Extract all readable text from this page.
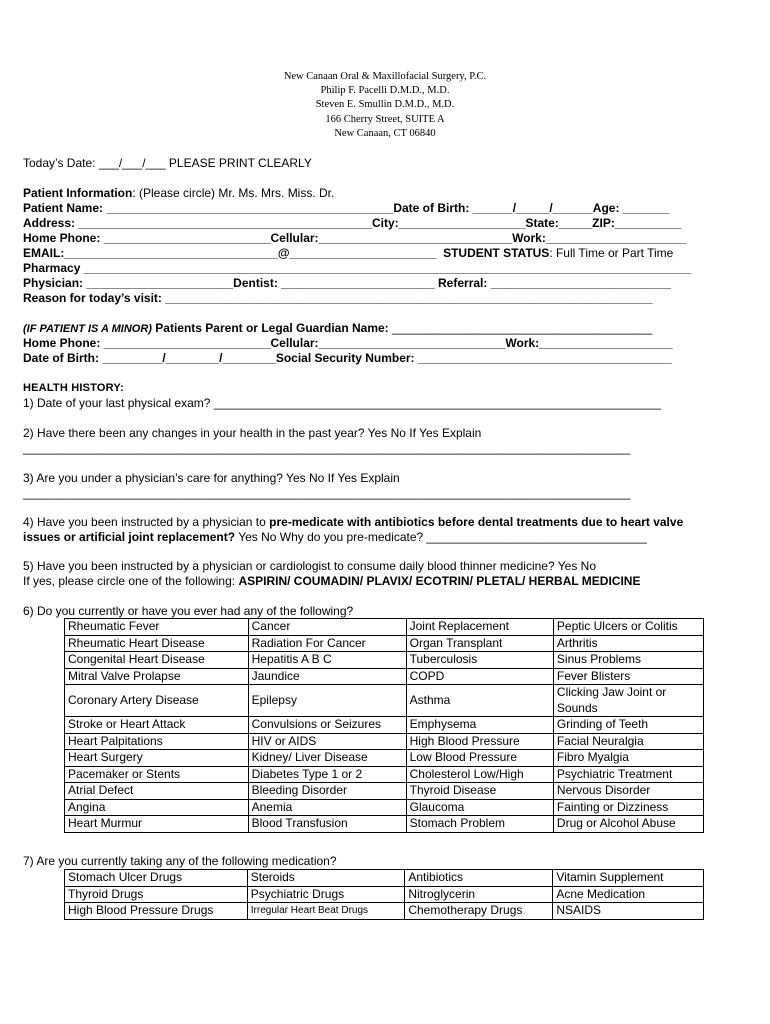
New Canaan Oral & Maxillofacial Surgery, P.C.
Philip F. Pacelli D.M.D., M.D.
Steven E. Smullin D.M.D., M.D.
166 Cherry Street, SUITE A
New Canaan, CT 06840
Today’s Date: ___/___/___ PLEASE PRINT CLEARLY
Patient Information: (Please circle) Mr. Ms. Mrs. Miss. Dr.
Patient Name: ___________________________________________Date of Birth: ______/_____/______Age: _______
Address: ____________________________________________City:___________________State:_____ZIP:__________
Home Phone: _________________________Cellular:_____________________________Work:_____________________
EMAIL:________________________________@______________________ STUDENT STATUS: Full Time or Part Time
Pharmacy ___________________________________________________________________________________________
Physician: ______________________Dentist: _______________________ Referral: ___________________________
Reason for today’s visit: _________________________________________________________________________
(IF PATIENT IS A MINOR) Patients Parent or Legal Guardian Name: _______________________________________
Home Phone: _________________________Cellular:____________________________Work:____________________
Date of Birth: _________/________/________Social Security Number: ______________________________________
HEALTH HISTORY:
1) Date of your last physical exam? ___________________________________________________________________
2) Have there been any changes in your health in the past year? Yes No If Yes Explain
___________________________________________________________________________________________
3) Are you under a physician’s care for anything? Yes No If Yes Explain
___________________________________________________________________________________________
4) Have you been instructed by a physician to pre-medicate with antibiotics before dental treatments due to heart valve
issues or artificial joint replacement? Yes No Why do you pre-medicate? _________________________________
5) Have you been instructed by a physician or cardiologist to consume daily blood thinner medicine? Yes No
If yes, please circle one of the following: ASPIRIN/ COUMADIN/ PLAVIX/ ECOTRIN/ PLETAL/ HERBAL MEDICINE
6) Do you currently or have you ever had any of the following?
Rheumatic Fever	Cancer	Joint Replacement	Peptic Ulcers or Colitis
Rheumatic Heart Disease	Radiation For Cancer	Organ Transplant	Arthritis
Congenital Heart Disease	Hepatitis A B C	Tuberculosis	Sinus Problems
Mitral Valve Prolapse	Jaundice	COPD	Fever Blisters
Coronary Artery Disease	Epilepsy	Asthma	Clicking Jaw Joint or Sounds
Stroke or Heart Attack	Convulsions or Seizures	Emphysema	Grinding of Teeth
Heart Palpitations	HIV or AIDS	High Blood Pressure	Facial Neuralgia
Heart Surgery	Kidney/ Liver Disease	Low Blood Pressure	Fibro Myalgia
Pacemaker or Stents	Diabetes Type 1 or 2	Cholesterol Low/High	Psychiatric Treatment
Atrial Defect	Bleeding Disorder	Thyroid Disease	Nervous Disorder
Angina	Anemia	Glaucoma	Fainting or Dizziness
Heart Murmur	Blood Transfusion	Stomach Problem	Drug or Alcohol Abuse
7) Are you currently taking any of the following medication?
Stomach Ulcer Drugs	Steroids	Antibiotics	Vitamin Supplement
Thyroid Drugs	Psychiatric Drugs	Nitroglycerin	Acne Medication
High Blood Pressure Drugs	Irregular Heart Beat Drugs	Chemotherapy Drugs	NSAIDS
